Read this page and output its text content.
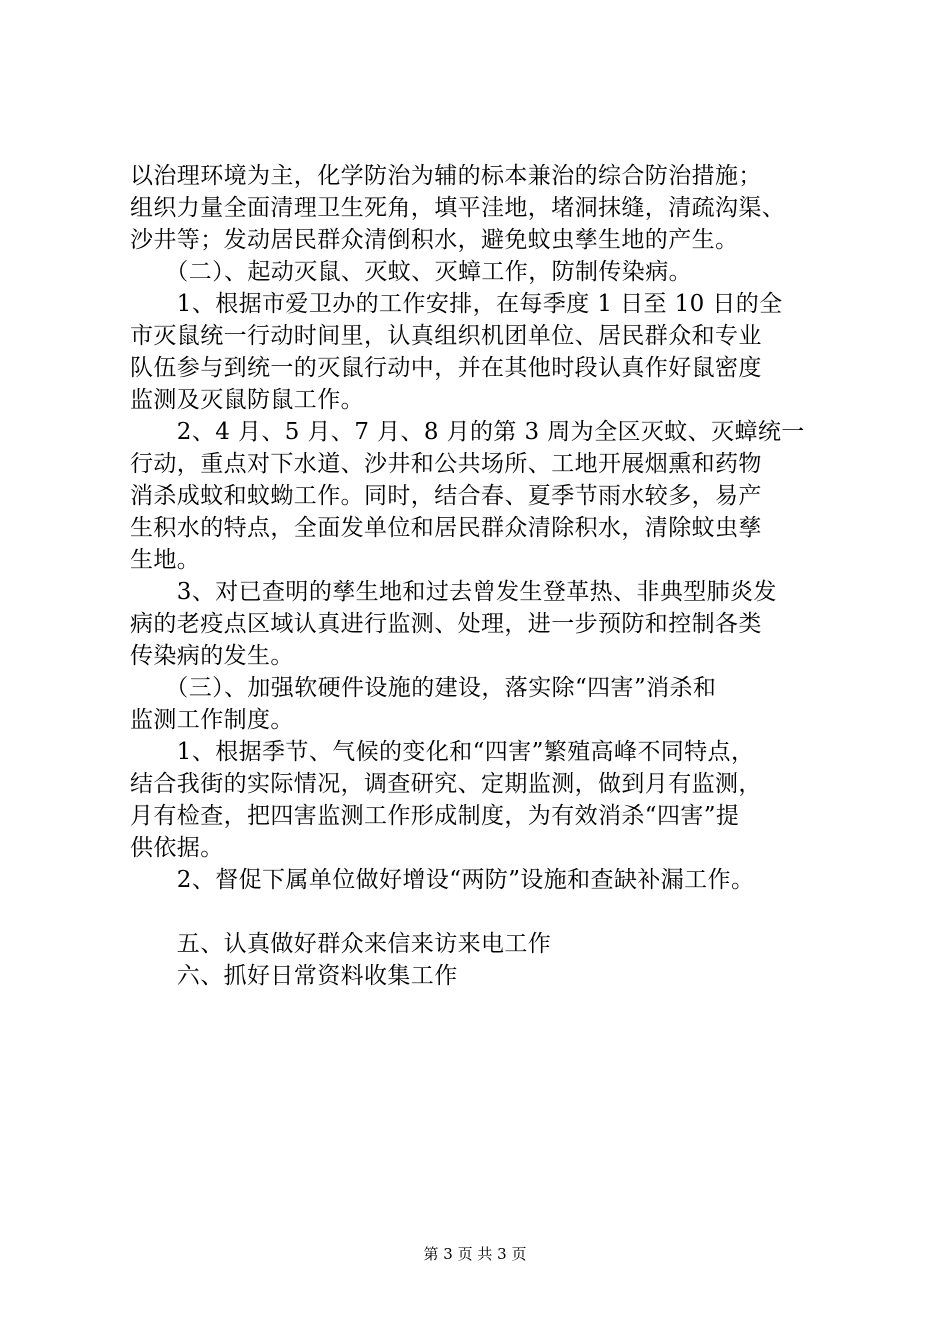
以治理环境为主，化学防治为辅的标本兼治的综合防治措施；
组织力量全面清理卫生死角，填平洼地，堵洞抹缝，清疏沟渠、
沙井等；发动居民群众清倒积水，避免蚊虫孳生地的产生。
　　（二）、起动灭鼠、灭蚊、灭蟑工作，防制传染病。
　　1、根据市爱卫办的工作安排，在每季度 1 日至 10 日的全
市灭鼠统一行动时间里，认真组织机团单位、居民群众和专业
队伍参与到统一的灭鼠行动中，并在其他时段认真作好鼠密度
监测及灭鼠防鼠工作。
　　2、4 月、5 月、7 月、8 月的第 3 周为全区灭蚊、灭蟑统一
行动，重点对下水道、沙井和公共场所、工地开展烟熏和药物
消杀成蚊和蚊蚴工作。同时，结合春、夏季节雨水较多，易产
生积水的特点，全面发单位和居民群众清除积水，清除蚊虫孳
生地。
　　3、对已查明的孳生地和过去曾发生登革热、非典型肺炎发
病的老疫点区域认真进行监测、处理，进一步预防和控制各类
传染病的发生。
　　（三）、加强软硬件设施的建设，落实除“四害”消杀和
监测工作制度。
　　1、根据季节、气候的变化和“四害”繁殖高峰不同特点，
结合我街的实际情况，调查研究、定期监测，做到月有监测，
月有检查，把四害监测工作形成制度，为有效消杀“四害”提
供依据。
　　2、督促下属单位做好增设“两防”设施和查缺补漏工作。
　　五、认真做好群众来信来访来电工作
　　六、抓好日常资料收集工作
第 3 页 共 3 页
